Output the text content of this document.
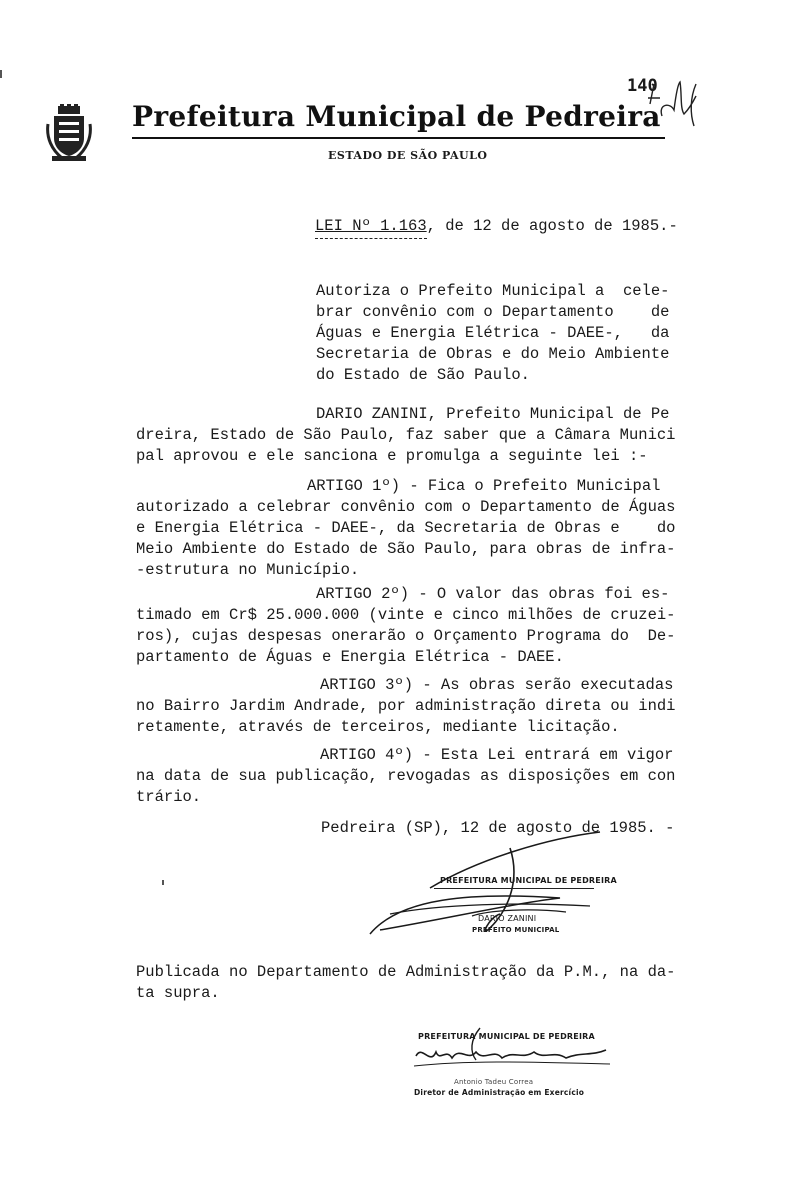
140
Prefeitura Municipal de Pedreira
ESTADO DE SÃO PAULO
LEI Nº 1.163, de 12 de agosto de 1985.-
Autoriza o Prefeito Municipal a  cele-
brar convênio com o Departamento    de
Águas e Energia Elétrica - DAEE-,   da
Secretaria de Obras e do Meio Ambiente
do Estado de São Paulo.
DARIO ZANINI, Prefeito Municipal de Pe
dreira, Estado de São Paulo, faz saber que a Câmara Munici
pal aprovou e ele sanciona e promulga a seguinte lei :-
ARTIGO 1º) - Fica o Prefeito Municipal
autorizado a celebrar convênio com o Departamento de Águas
e Energia Elétrica - DAEE-, da Secretaria de Obras e    do
Meio Ambiente do Estado de São Paulo, para obras de infra-
-estrutura no Município.
ARTIGO 2º) - O valor das obras foi es-
timado em Cr$ 25.000.000 (vinte e cinco milhões de cruzei-
ros), cujas despesas onerarão o Orçamento Programa do  De-
partamento de Águas e Energia Elétrica - DAEE.
ARTIGO 3º) - As obras serão executadas
no Bairro Jardim Andrade, por administração direta ou indi
retamente, através de terceiros, mediante licitação.
ARTIGO 4º) - Esta Lei entrará em vigor
na data de sua publicação, revogadas as disposições em con
trário.
Pedreira (SP), 12 de agosto de 1985. -
PREFEITURA MUNICIPAL DE PEDREIRA
DARIO ZANINI
PREFEITO MUNICIPAL
Publicada no Departamento de Administração da P.M., na da-
ta supra.
PREFEITURA MUNICIPAL DE PEDREIRA
Antonio Tadeu Correa
Diretor de Administração em Exercício
